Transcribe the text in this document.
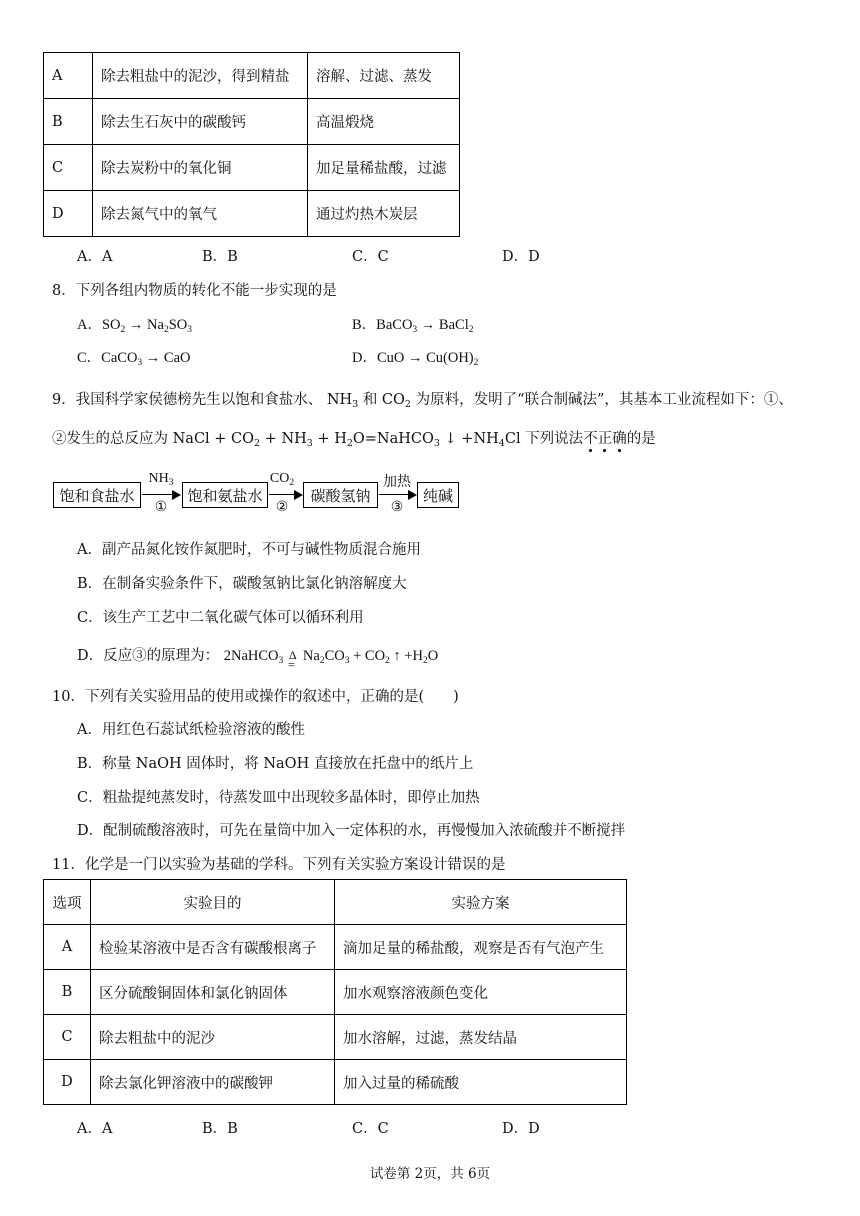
A	除去粗盐中的泥沙，得到精盐	溶解、过滤、蒸发
B	除去生石灰中的碳酸钙	高温煅烧
C	除去炭粉中的氧化铜	加足量稀盐酸，过滤
D	除去氮气中的氧气	通过灼热木炭层
A．A	B．B	C．C	D．D
8．下列各组内物质的转化不能一步实现的是
A．$SO_2 \to Na_2SO_3$	B．BaCO$_3$ → BaCl$_2$
C．CaCO$_3$ → CaO	D．CuO → $Cu(OH)_2$
9．我国科学家侯德榜先生以饱和食盐水、 $NH_3$ 和 $CO_2$ 为原料，发明了“联合制碱法”，其基本工业流程如下：①、
②发生的总反应为 NaCl + $CO_2 + NH_3$ + $H_2O=NaHCO_3$ ↓ $+NH_4Cl$ 下列说法不正确的是
饱和食盐水	饱和氨盐水	碳酸氢钠	纯碱
$NH_3$
①
$CO_2$
②
加热
③
A．副产品氮化铵作氮肥时，不可与碱性物质混合施用
B．在制备实验条件下，碳酸氢钠比氯化钠溶解度大
C．该生产工艺中二氧化碳气体可以循环利用
D．反应③的原理为： 2NaHCO$_3$ Δ
=
$Na_2CO_3 + CO_2$ ↑ $+H_2O$
10．下列有关实验用品的使用或操作的叙述中，正确的是(　　)
A．用红色石蕊试纸检验溶液的酸性
B．称量 NaOH 固体时，将 NaOH 直接放在托盘中的纸片上
C．粗盐提纯蒸发时，待蒸发皿中出现较多晶体时，即停止加热
D．配制硫酸溶液时，可先在量筒中加入一定体积的水，再慢慢加入浓硫酸并不断搅拌
11．化学是一门以实验为基础的学科。下列有关实验方案设计错误的是
选项	实验目的	实验方案
A	检验某溶液中是否含有碳酸根离子	滴加足量的稀盐酸，观察是否有气泡产生
B	区分硫酸铜固体和氯化钠固体	加水观察溶液颜色变化
C	除去粗盐中的泥沙	加水溶解，过滤，蒸发结晶
D	除去氯化钾溶液中的碳酸钾	加入过量的稀硫酸
A．A	B．B	C．C	D．D
试卷第 2页，共 6页
